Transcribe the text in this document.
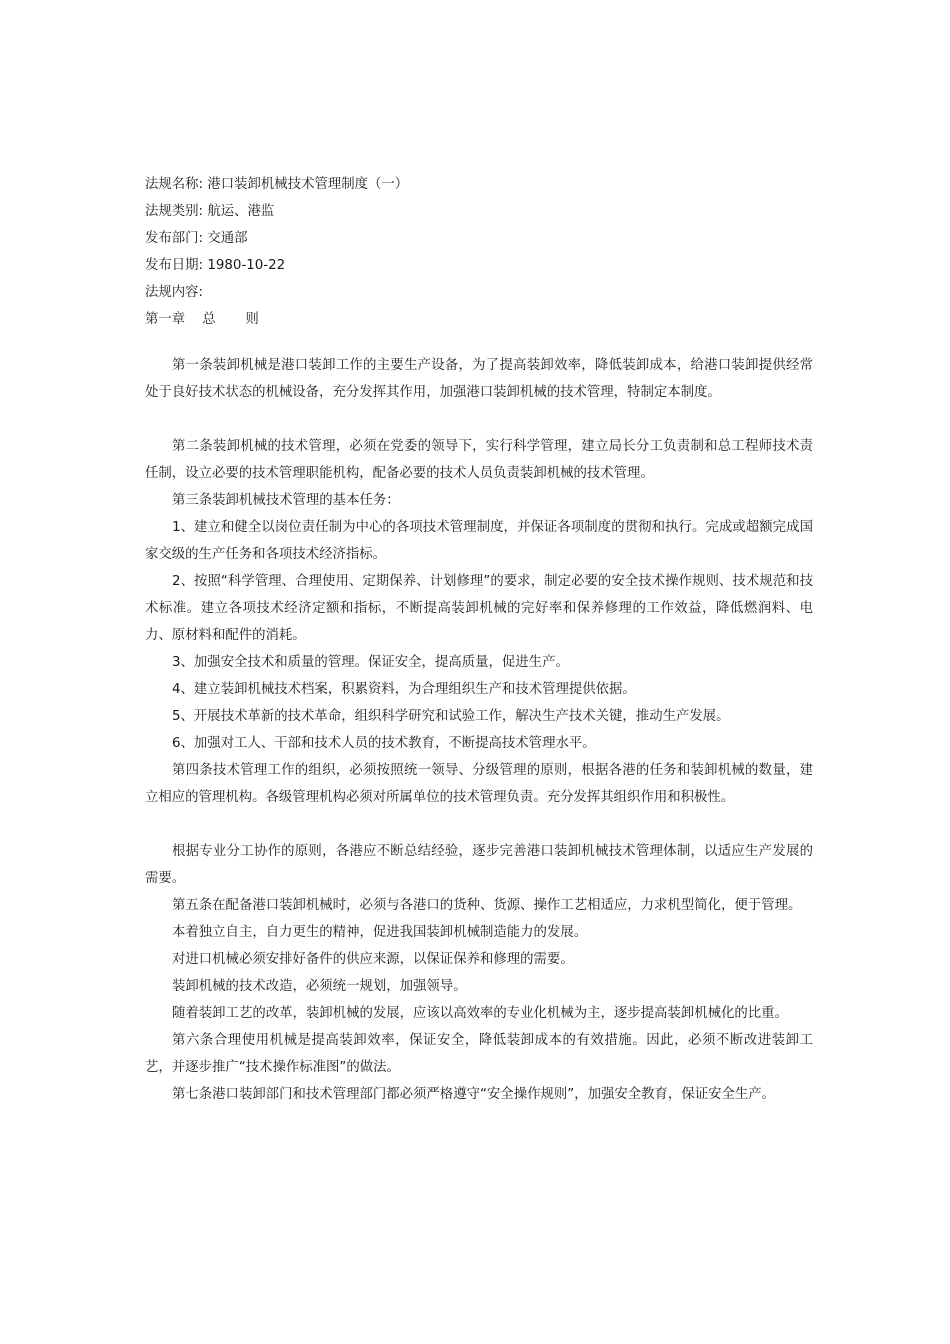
法规名称: 港口装卸机械技术管理制度（一）

法规类别: 航运、港监

发布部门: 交通部

发布日期: 1980-10-22

法规内容:

第一章    总       则

第一条装卸机械是港口装卸工作的主要生产设备，为了提高装卸效率，降低装卸成本，给港口装卸提供经常处于良好技术状态的机械设备，充分发挥其作用，加强港口装卸机械的技术管理，特制定本制度。

第二条装卸机械的技术管理，必须在党委的领导下，实行科学管理，建立局长分工负责制和总工程师技术责任制，设立必要的技术管理职能机构，配备必要的技术人员负责装卸机械的技术管理。

第三条装卸机械技术管理的基本任务：

1、建立和健全以岗位责任制为中心的各项技术管理制度，并保证各项制度的贯彻和执行。完成或超额完成国家交级的生产任务和各项技术经济指标。

2、按照“科学管理、合理使用、定期保养、计划修理”的要求，制定必要的安全技术操作规则、技术规范和技术标准。建立各项技术经济定额和指标，不断提高装卸机械的完好率和保养修理的工作效益，降低燃润料、电力、原材料和配件的消耗。

3、加强安全技术和质量的管理。保证安全，提高质量，促进生产。

4、建立装卸机械技术档案，积累资料，为合理组织生产和技术管理提供依据。

5、开展技术革新的技术革命，组织科学研究和试验工作，解决生产技术关键，推动生产发展。

6、加强对工人、干部和技术人员的技术教育，不断提高技术管理水平。

第四条技术管理工作的组织，必须按照统一领导、分级管理的原则，根据各港的任务和装卸机械的数量，建立相应的管理机构。各级管理机构必须对所属单位的技术管理负责。充分发挥其组织作用和积极性。

根据专业分工协作的原则，各港应不断总结经验，逐步完善港口装卸机械技术管理体制，以适应生产发展的需要。

第五条在配备港口装卸机械时，必须与各港口的货种、货源、操作工艺相适应，力求机型简化，便于管理。

本着独立自主，自力更生的精神，促进我国装卸机械制造能力的发展。

对进口机械必须安排好备件的供应来源，以保证保养和修理的需要。

装卸机械的技术改造，必须统一规划，加强领导。

随着装卸工艺的改革，装卸机械的发展，应该以高效率的专业化机械为主，逐步提高装卸机械化的比重。

第六条合理使用机械是提高装卸效率，保证安全，降低装卸成本的有效措施。因此，必须不断改进装卸工艺，并逐步推广“技术操作标准图”的做法。

第七条港口装卸部门和技术管理部门都必须严格遵守“安全操作规则”，加强安全教育，保证安全生产。
